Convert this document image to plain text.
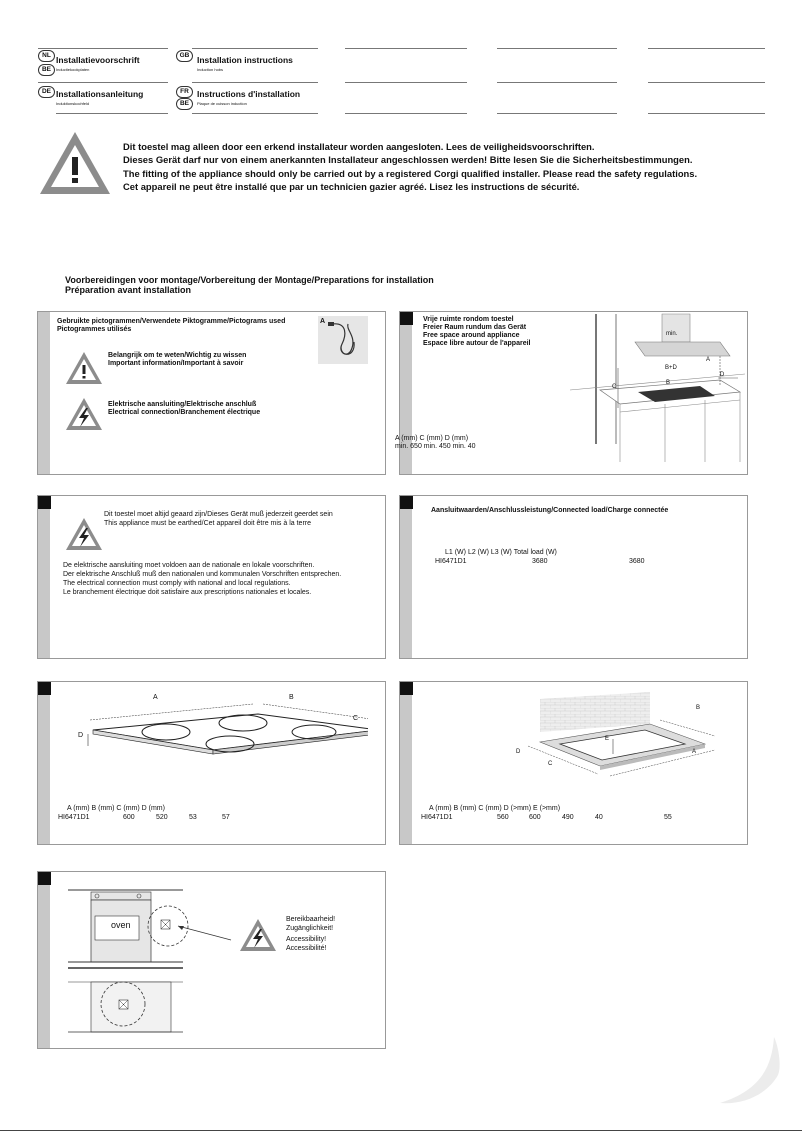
NL Installatievoorschrift
BE	Inductiekookplaten
GB Installation instructions
Induction hobs
DE Installationsanleitung
Induktionskochfeld
FR Instructions d'installation
BE	Plaque de cuisson induction
Dit toestel mag alleen door een erkend installateur worden aangesloten. Lees de veiligheidsvoorschriften.
Dieses Gerät darf nur von einem anerkannten Installateur angeschlossen werden! Bitte lesen Sie die Sicherheitsbestimmungen.
The fitting of the appliance should only be carried out by a registered Corgi qualified installer. Please read the safety regulations.
Cet appareil ne peut être installé que par un technicien gazier agréé. Lisez les instructions de sécurité.
Voorbereidingen voor montage/Vorbereitung der Montage/Preparations for installation
Préparation avant installation
Gebruikte pictogrammen/Verwendete Piktogramme/Pictograms used
Pictogrammes utilisés
A
Belangrijk om te weten/Wichtig zu wissen
Important information/Important à savoir
Elektrische aansluiting/Elektrische anschluß
Electrical connection/Branchement électrique
Vrije ruimte rondom toestel
Freier Raum rundum das Gerät
Free space around appliance
Espace libre autour de l'appareil
min.
B+D
A
B
C
D
A (mm) C (mm) D (mm)
min. 650 min. 450 min. 40
Dit toestel moet altijd geaard zijn/Dieses Gerät muß jederzeit geerdet sein
This appliance must be earthed/Cet appareil doit être mis à la terre
De elektrische aansluiting moet voldoen aan de nationale en lokale voorschriften.
Der elektrische Anschluß muß den nationalen und kommunalen Vorschriften entsprechen.
The electrical connection must comply with national and local regulations.
Le branchement électrique doit satisfaire aux prescriptions nationales et locales.
Aansluitwaarden/Anschlussleistung/Connected load/Charge connectée
L1 (W) L2 (W) L3 (W) Total load (W)
HI6471D1	3680	3680
A	B
C
D
A (mm) B (mm) C (mm) D (mm)
HI6471D1	600	520	53	57
B
E
D	A
C
A (mm) B (mm) C (mm) D (>mm) E (>mm)
HI6471D1	560	600	490	40	55
oven
Bereikbaarheid!
Zugänglichkeit!
Accessibility!
Accessibilité!
